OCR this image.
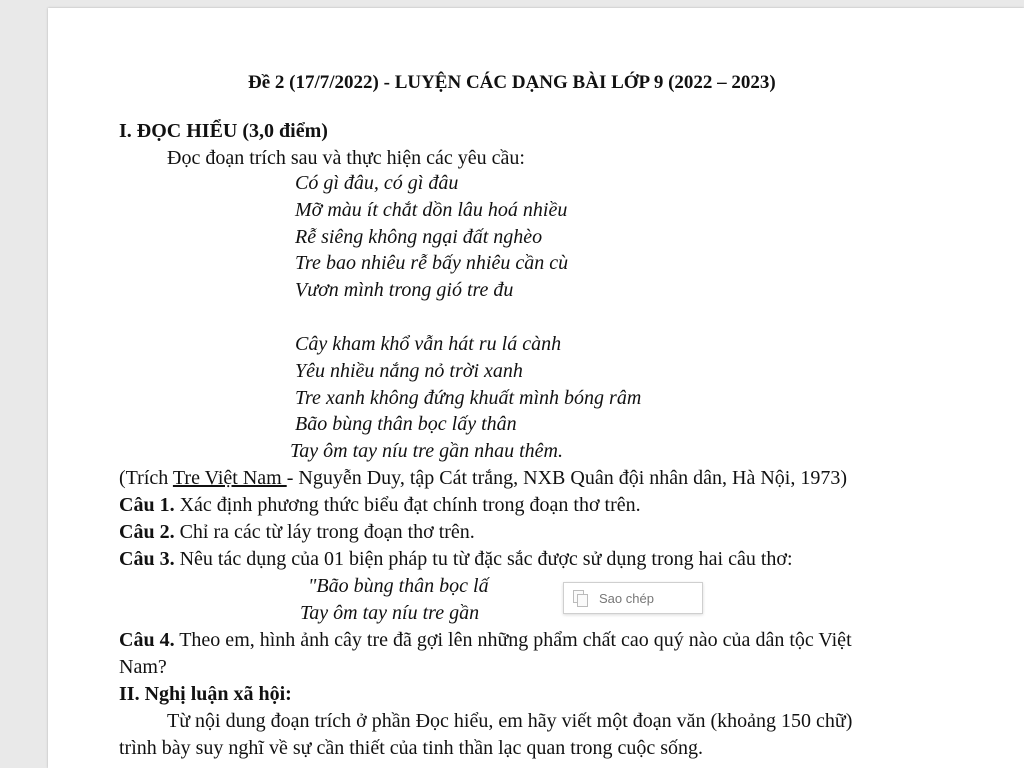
Đề 2 (17/7/2022) - LUYỆN CÁC DẠNG BÀI LỚP 9 (2022 – 2023)
I. ĐỌC HIỂU (3,0 điểm)
Đọc đoạn trích sau và thực hiện các yêu cầu:
Có gì đâu, có gì đâu
Mỡ màu ít chắt dồn lâu hoá nhiều
Rễ siêng không ngại đất nghèo
Tre bao nhiêu rễ bấy nhiêu cần cù
Vươn mình trong gió tre đu
Cây kham khổ vẫn hát ru lá cành
Yêu nhiều nắng nỏ trời xanh
Tre xanh không đứng khuất mình bóng râm
Bão bùng thân bọc lấy thân
Tay ôm tay níu tre gần nhau thêm.
(Trích Tre Việt Nam - Nguyễn Duy, tập Cát trắng, NXB Quân đội nhân dân, Hà Nội, 1973)
Câu 1. Xác định phương thức biểu đạt chính trong đoạn thơ trên.
Câu 2. Chỉ ra các từ láy trong đoạn thơ trên.
Câu 3. Nêu tác dụng của 01 biện pháp tu từ đặc sắc được sử dụng trong hai câu thơ:
"Bão bùng thân bọc lấ
Tay ôm tay níu tre gần
Câu 4. Theo em, hình ảnh cây tre đã gợi lên những phẩm chất cao quý nào của dân tộc Việt
Nam?
II. Nghị luận xã hội:
Từ nội dung đoạn trích ở phần Đọc hiểu, em hãy viết một đoạn văn (khoảng 150 chữ)
trình bày suy nghĩ về sự cần thiết của tinh thần lạc quan trong cuộc sống.
Sao chép
